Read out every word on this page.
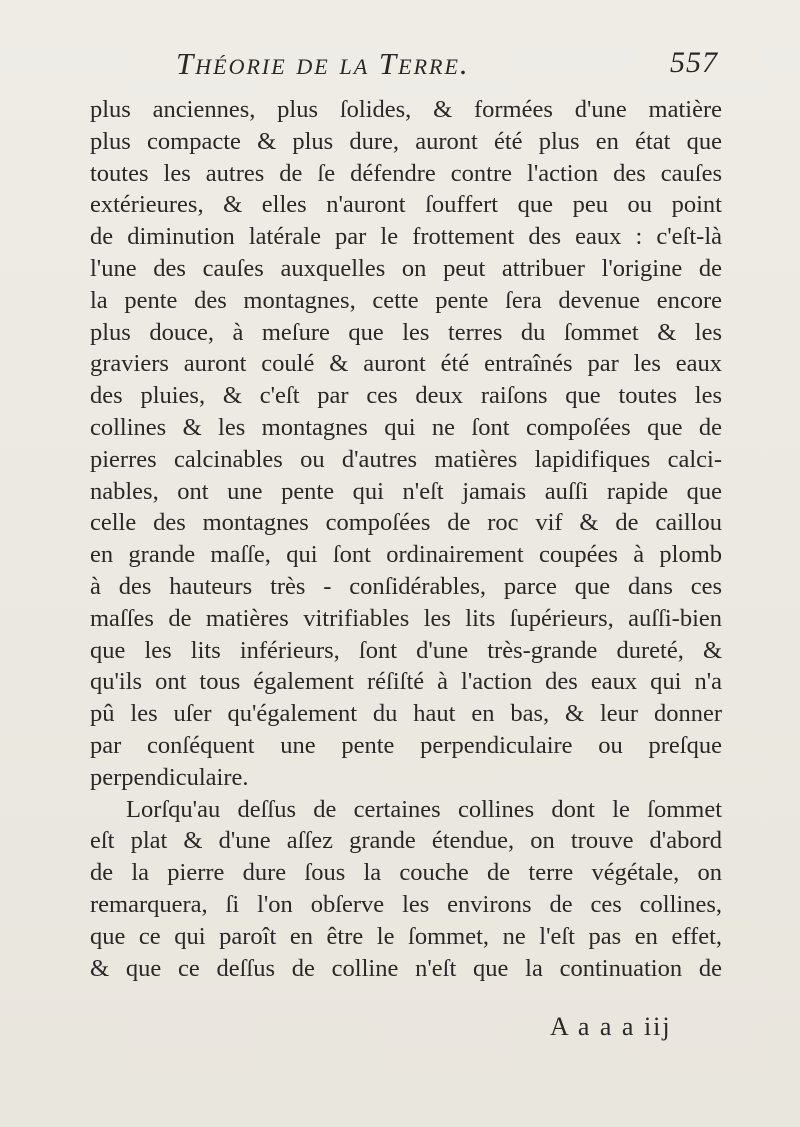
Théorie de la Terre.	557
plus anciennes, plus ſolides, & formées d'une matière
plus compacte & plus dure, auront été plus en état que
toutes les autres de ſe défendre contre l'action des cauſes
extérieures, & elles n'auront ſouffert que peu ou point
de diminution latérale par le frottement des eaux : c'eſt-là
l'une des cauſes auxquelles on peut attribuer l'origine de
la pente des montagnes, cette pente ſera devenue encore
plus douce, à meſure que les terres du ſommet & les
graviers auront coulé & auront été entraînés par les eaux
des pluies, & c'eſt par ces deux raiſons que toutes les
collines & les montagnes qui ne ſont compoſées que de
pierres calcinables ou d'autres matières lapidifiques calci-
nables, ont une pente qui n'eſt jamais auſſi rapide que
celle des montagnes compoſées de roc vif & de caillou
en grande maſſe, qui ſont ordinairement coupées à plomb
à des hauteurs très - conſidérables, parce que dans ces
maſſes de matières vitrifiables les lits ſupérieurs, auſſi-bien
que les lits inférieurs, ſont d'une très-grande dureté, &
qu'ils ont tous également réſiſté à l'action des eaux qui n'a
pû les uſer qu'également du haut en bas, & leur donner
par conſéquent une pente perpendiculaire ou preſque
perpendiculaire.
Lorſqu'au deſſus de certaines collines dont le ſommet
eſt plat & d'une aſſez grande étendue, on trouve d'abord
de la pierre dure ſous la couche de terre végétale, on
remarquera, ſi l'on obſerve les environs de ces collines,
que ce qui paroît en être le ſommet, ne l'eſt pas en effet,
& que ce deſſus de colline n'eſt que la continuation de
A a a a iij
